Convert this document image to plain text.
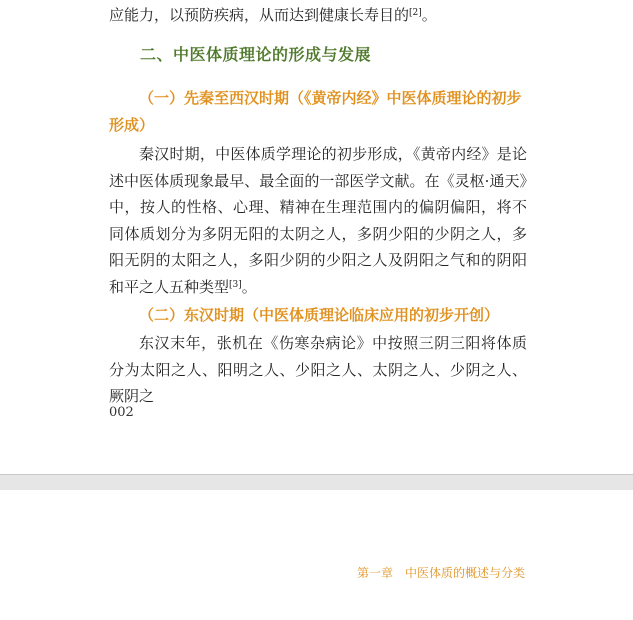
应能力，以预防疾病，从而达到健康长寿目的[2]。
二、中医体质理论的形成与发展
（一）先秦至西汉时期（《黄帝内经》中医体质理论的初步形成）
秦汉时期，中医体质学理论的初步形成，《黄帝内经》是论述中医体质现象最早、最全面的一部医学文献。在《灵枢·通天》中，按人的性格、心理、精神在生理范围内的偏阴偏阳，将不同体质划分为多阴无阳的太阴之人，多阴少阳的少阴之人，多阳无阴的太阳之人，多阳少阴的少阳之人及阴阳之气和的阴阳和平之人五种类型[3]。
（二）东汉时期（中医体质理论临床应用的初步开创）
东汉末年，张机在《伤寒杂病论》中按照三阴三阳将体质分为太阳之人、阳明之人、少阳之人、太阴之人、少阴之人、厥阴之
002
第一章 中医体质的概述与分类
